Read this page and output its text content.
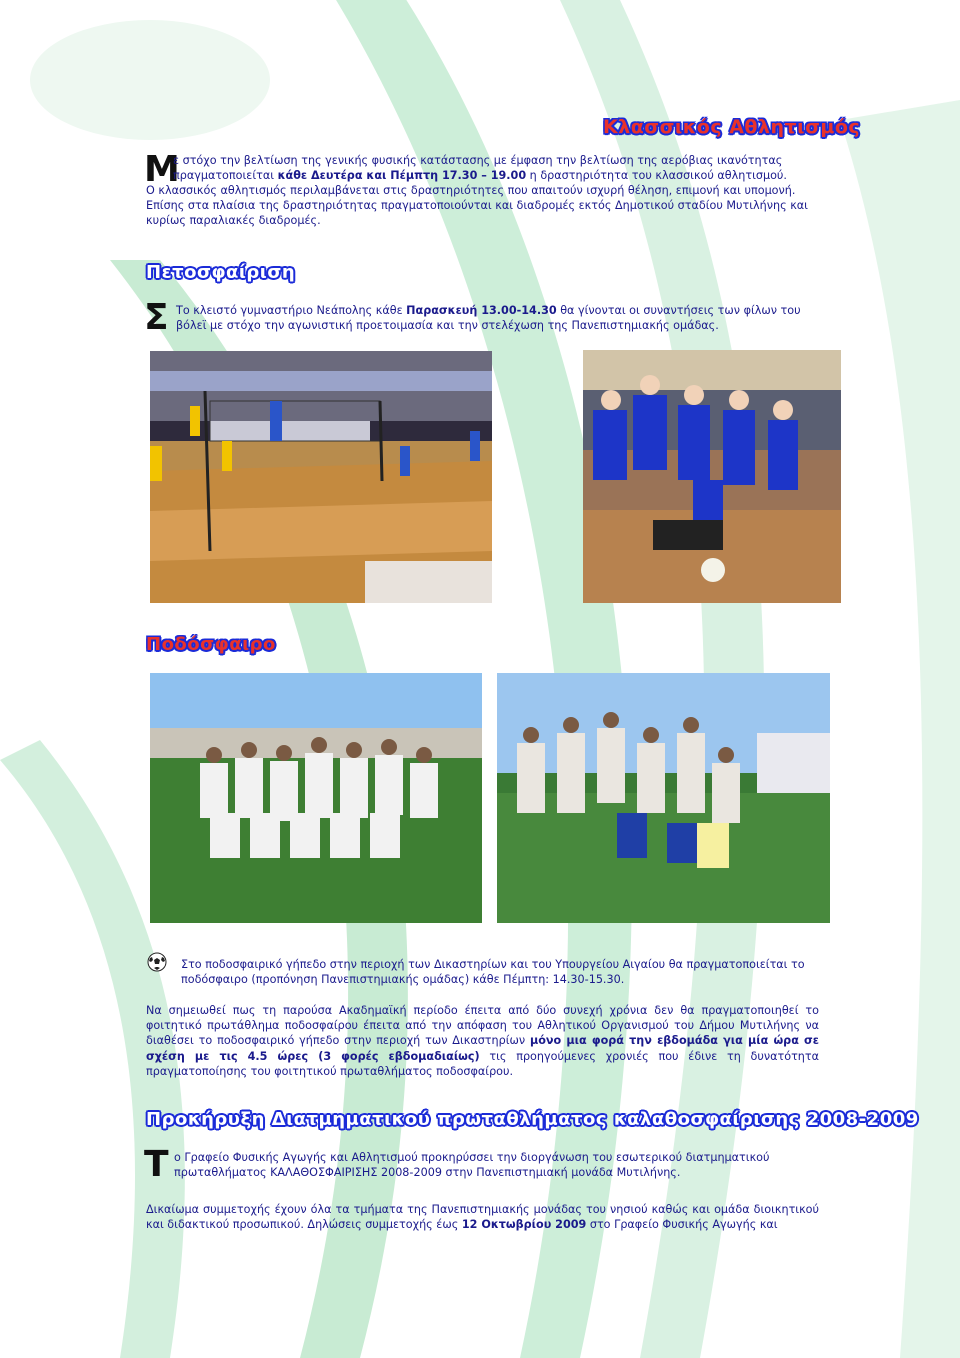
Κλασσικός Αθλητισμός
Μ
ε στόχο την βελτίωση της γενικής φυσικής κατάστασης με έμφαση την βελτίωση της αερόβιας ικανότητας
πραγματοποιείται κάθε Δευτέρα και Πέμπτη 17.30 – 19.00 η δραστηριότητα του κλασσικού αθλητισμού.
Ο κλασσικός αθλητισμός περιλαμβάνεται στις δραστηριότητες που απαιτούν ισχυρή θέληση, επιμονή και υπομονή.
Επίσης στα πλαίσια της δραστηριότητας πραγματοποιούνται και διαδρομές εκτός Δημοτικού σταδίου Μυτιλήνης και
κυρίως παραλιακές διαδρομές.
Πετοσφαίριση
Σ Το κλειστό γυμναστήριο Νεάπολης κάθε Παρασκευή 13.00-14.30 θα γίνονται οι συναντήσεις των φίλων του
βόλεϊ με στόχο την αγωνιστική προετοιμασία και την στελέχωση της Πανεπιστημιακής ομάδας.
Ποδόσφαιρο
Στο ποδοσφαιρικό γήπεδο στην περιοχή των Δικαστηρίων και του Υπουργείου Αιγαίου θα πραγματοποιείται το
ποδόσφαιρο (προπόνηση Πανεπιστημιακής ομάδας) κάθε Πέμπτη: 14.30-15.30.
Να σημειωθεί πως τη παρούσα Ακαδημαϊκή περίοδο έπειτα από δύο συνεχή χρόνια δεν θα πραγματοποιηθεί το φοιτητικό πρωτάθλημα ποδοσφαίρου έπειτα από την απόφαση του Αθλητικού Οργανισμού του Δήμου Μυτιλήνης να διαθέσει το ποδοσφαιρικό γήπεδο στην περιοχή των Δικαστηρίων μόνο μια φορά την εβδομάδα για μία ώρα σε σχέση με τις 4.5 ώρες (3 φορές εβδομαδιαίως) τις προηγούμενες χρονιές που έδινε τη δυνατότητα πραγματοποίησης του φοιτητικού πρωταθλήματος ποδοσφαίρου.
Προκήρυξη Διατμηματικού πρωταθλήματος καλαθοσφαίρισης 2008-2009
Τ ο Γραφείο Φυσικής Αγωγής και Αθλητισμού προκηρύσσει την διοργάνωση του εσωτερικού διατμηματικού
πρωταθλήματος ΚΑΛΑΘΟΣΦΑΙΡΙΣΗΣ 2008-2009 στην Πανεπιστημιακή μονάδα Μυτιλήνης.
Δικαίωμα συμμετοχής έχουν όλα τα τμήματα της Πανεπιστημιακής μονάδας του νησιού καθώς και ομάδα διοικητικού και διδακτικού προσωπικού. Δηλώσεις συμμετοχής έως 12 Οκτωβρίου 2009 στο Γραφείο Φυσικής Αγωγής και
